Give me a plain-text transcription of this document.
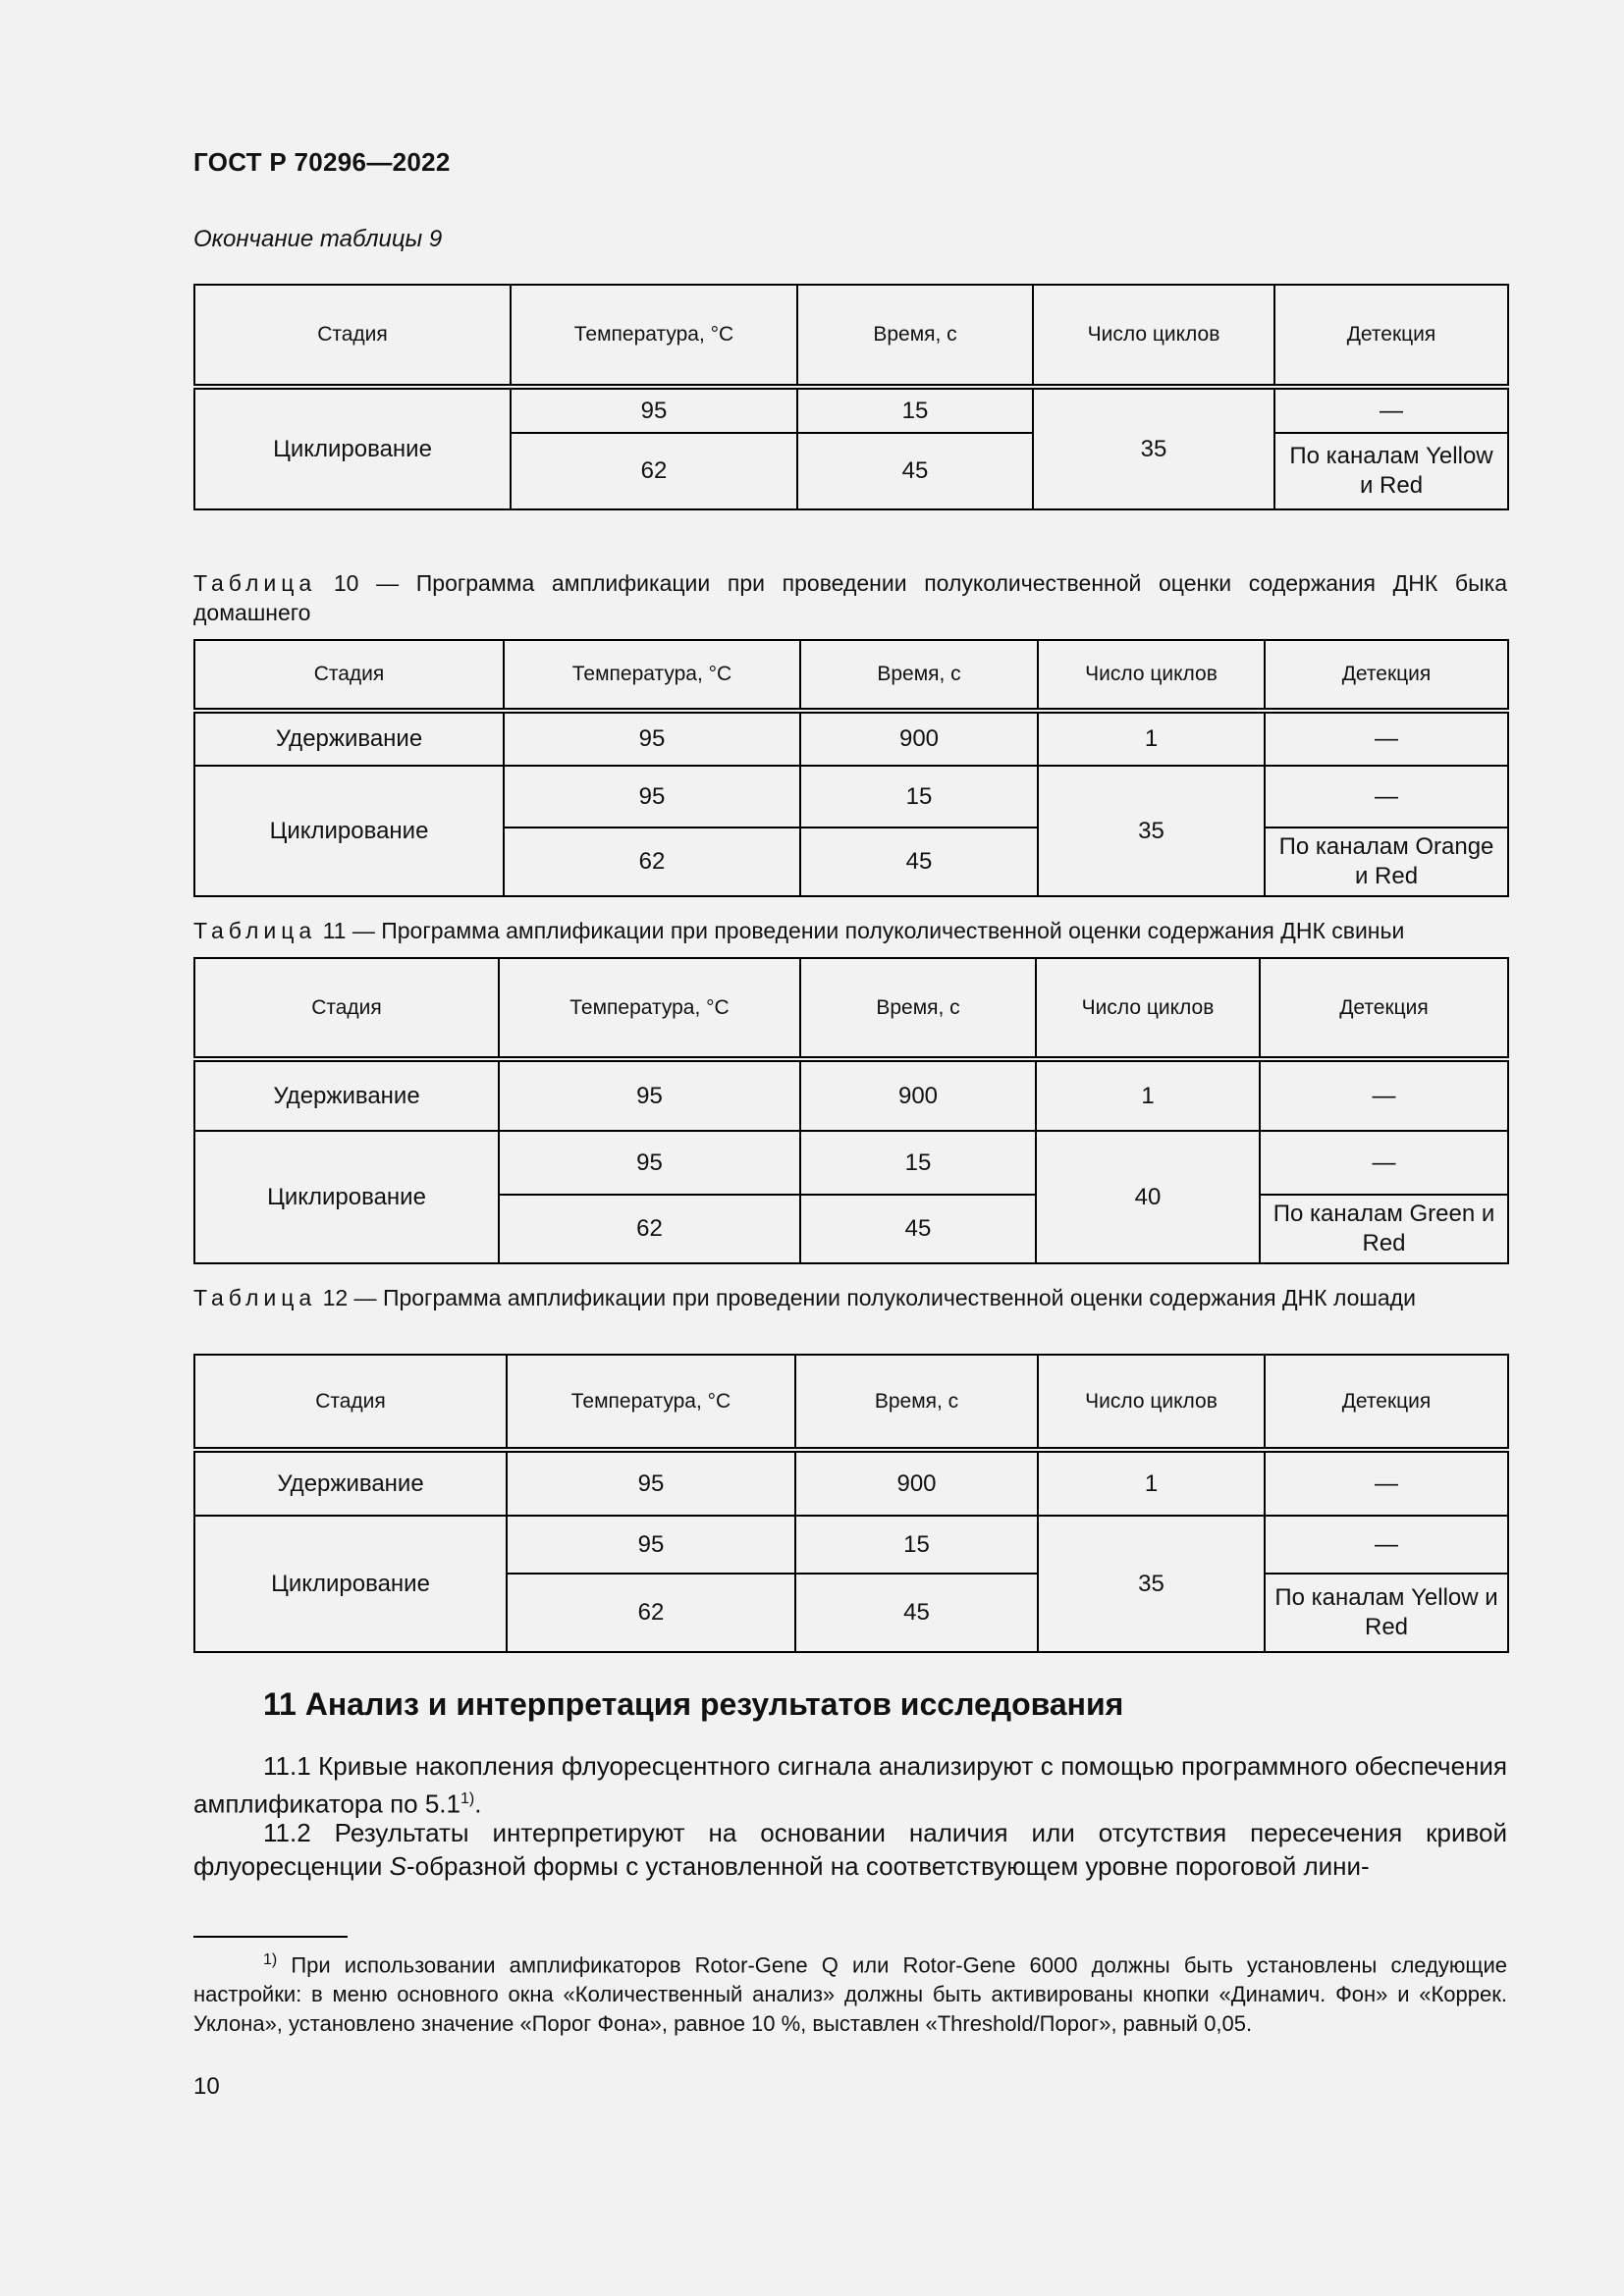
ГОСТ Р 70296—2022
Окончание таблицы 9
Стадия	Температура, °С	Время, с	Число циклов	Детекция
Циклирование	95	15	35	—
	62	45		По каналам Yellow и Red
Таблица 10 — Программа амплификации при проведении полуколичественной оценки содержания ДНК быка домашнего
Стадия	Температура, °С	Время, с	Число циклов	Детекция
Удерживание	95	900	1	—
Циклирование	95	15	35	—
	62	45		По каналам Orange и Red
Таблица 11 — Программа амплификации при проведении полуколичественной оценки содержания ДНК свиньи
Стадия	Температура, °С	Время, с	Число циклов	Детекция
Удерживание	95	900	1	—
Циклирование	95	15	40	—
	62	45		По каналам Green и Red
Таблица 12 — Программа амплификации при проведении полуколичественной оценки содержания ДНК лошади
Стадия	Температура, °С	Время, с	Число циклов	Детекция
Удерживание	95	900	1	—
Циклирование	95	15	35	—
	62	45		По каналам Yellow и Red
11 Анализ и интерпретация результатов исследования
11.1 Кривые накопления флуоресцентного сигнала анализируют с помощью программного обеспечения амплификатора по 5.1$^{1)}$.
11.2 Результаты интерпретируют на основании наличия или отсутствия пересечения кривой флуоресценции S-образной формы с установленной на соответствующем уровне пороговой лини-
$^{1)}$ При использовании амплификаторов Rotor-Gene Q или Rotor-Gene 6000 должны быть установлены следующие настройки: в меню основного окна «Количественный анализ» должны быть активированы кнопки «Динамич. Фон» и «Коррек. Уклона», установлено значение «Порог Фона», равное 10 %, выставлен «Threshold/Порог», равный 0,05.
10
